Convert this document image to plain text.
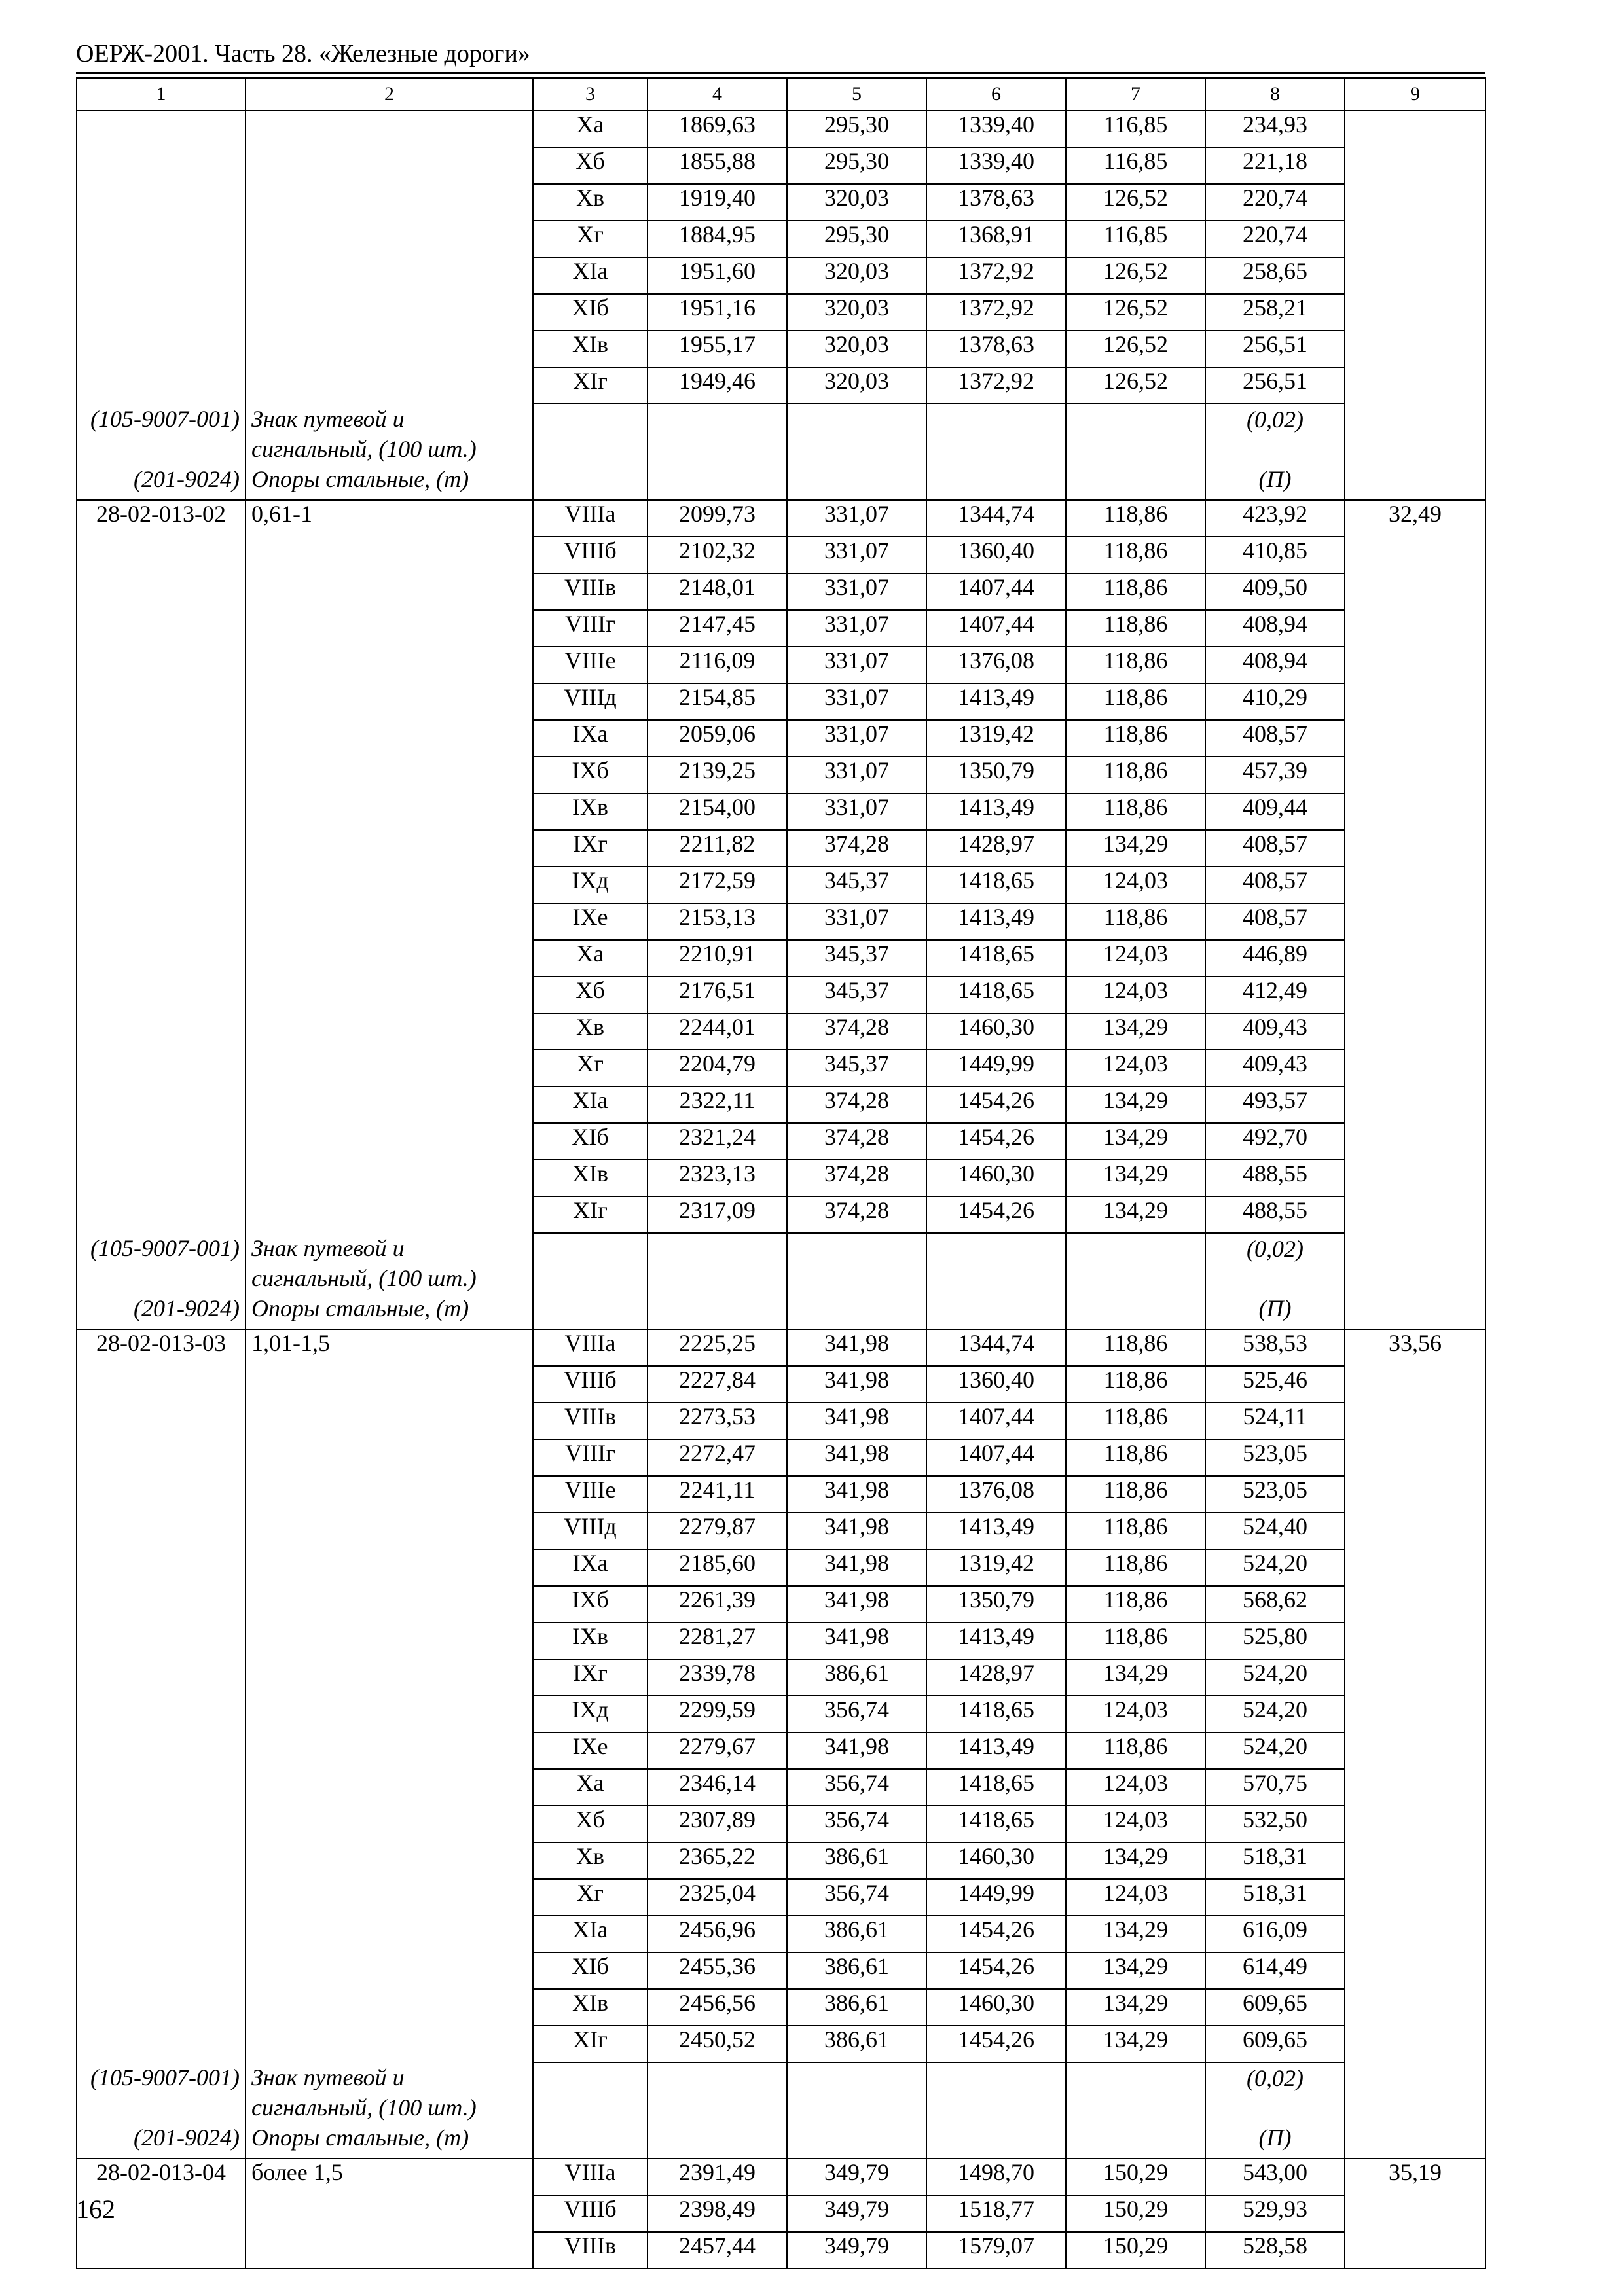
ОЕРЖ-2001. Часть 28. «Железные дороги»
1	2	3	4	5	6	7	8	9
		Xa	1869,63	295,30	1339,40	116,85	234,93	
		Xб	1855,88	295,30	1339,40	116,85	221,18	
		Xв	1919,40	320,03	1378,63	126,52	220,74	
		Xг	1884,95	295,30	1368,91	116,85	220,74	
		XIa	1951,60	320,03	1372,92	126,52	258,65	
		XIб	1951,16	320,03	1372,92	126,52	258,21	
		XIв	1955,17	320,03	1378,63	126,52	256,51	
		XIг	1949,46	320,03	1372,92	126,52	256,51	
(105-9007-001)	Знак путевой и сигнальный, (100 шт.)						(0,02)	
(201-9024)	Опоры стальные, (т)						(П)	
28-02-013-02	0,61-1	VIIIa	2099,73	331,07	1344,74	118,86	423,92	32,49
		VIIIб	2102,32	331,07	1360,40	118,86	410,85	
		VIIIв	2148,01	331,07	1407,44	118,86	409,50	
		VIIIг	2147,45	331,07	1407,44	118,86	408,94	
		VIIIe	2116,09	331,07	1376,08	118,86	408,94	
		VIIIд	2154,85	331,07	1413,49	118,86	410,29	
		IXa	2059,06	331,07	1319,42	118,86	408,57	
		IXб	2139,25	331,07	1350,79	118,86	457,39	
		IXв	2154,00	331,07	1413,49	118,86	409,44	
		IXг	2211,82	374,28	1428,97	134,29	408,57	
		IXд	2172,59	345,37	1418,65	124,03	408,57	
		IXe	2153,13	331,07	1413,49	118,86	408,57	
		Xa	2210,91	345,37	1418,65	124,03	446,89	
		Xб	2176,51	345,37	1418,65	124,03	412,49	
		Xв	2244,01	374,28	1460,30	134,29	409,43	
		Xг	2204,79	345,37	1449,99	124,03	409,43	
		XIa	2322,11	374,28	1454,26	134,29	493,57	
		XIб	2321,24	374,28	1454,26	134,29	492,70	
		XIв	2323,13	374,28	1460,30	134,29	488,55	
		XIг	2317,09	374,28	1454,26	134,29	488,55	
(105-9007-001)	Знак путевой и сигнальный, (100 шт.)						(0,02)	
(201-9024)	Опоры стальные, (т)						(П)	
28-02-013-03	1,01-1,5	VIIIa	2225,25	341,98	1344,74	118,86	538,53	33,56
		VIIIб	2227,84	341,98	1360,40	118,86	525,46	
		VIIIв	2273,53	341,98	1407,44	118,86	524,11	
		VIIIг	2272,47	341,98	1407,44	118,86	523,05	
		VIIIe	2241,11	341,98	1376,08	118,86	523,05	
		VIIIд	2279,87	341,98	1413,49	118,86	524,40	
		IXa	2185,60	341,98	1319,42	118,86	524,20	
		IXб	2261,39	341,98	1350,79	118,86	568,62	
		IXв	2281,27	341,98	1413,49	118,86	525,80	
		IXг	2339,78	386,61	1428,97	134,29	524,20	
		IXд	2299,59	356,74	1418,65	124,03	524,20	
		IXe	2279,67	341,98	1413,49	118,86	524,20	
		Xa	2346,14	356,74	1418,65	124,03	570,75	
		Xб	2307,89	356,74	1418,65	124,03	532,50	
		Xв	2365,22	386,61	1460,30	134,29	518,31	
		Xг	2325,04	356,74	1449,99	124,03	518,31	
		XIa	2456,96	386,61	1454,26	134,29	616,09	
		XIб	2455,36	386,61	1454,26	134,29	614,49	
		XIв	2456,56	386,61	1460,30	134,29	609,65	
		XIг	2450,52	386,61	1454,26	134,29	609,65	
(105-9007-001)	Знак путевой и сигнальный, (100 шт.)						(0,02)	
(201-9024)	Опоры стальные, (т)						(П)	
28-02-013-04	более 1,5	VIIIa	2391,49	349,79	1498,70	150,29	543,00	35,19
		VIIIб	2398,49	349,79	1518,77	150,29	529,93	
		VIIIв	2457,44	349,79	1579,07	150,29	528,58	
162
